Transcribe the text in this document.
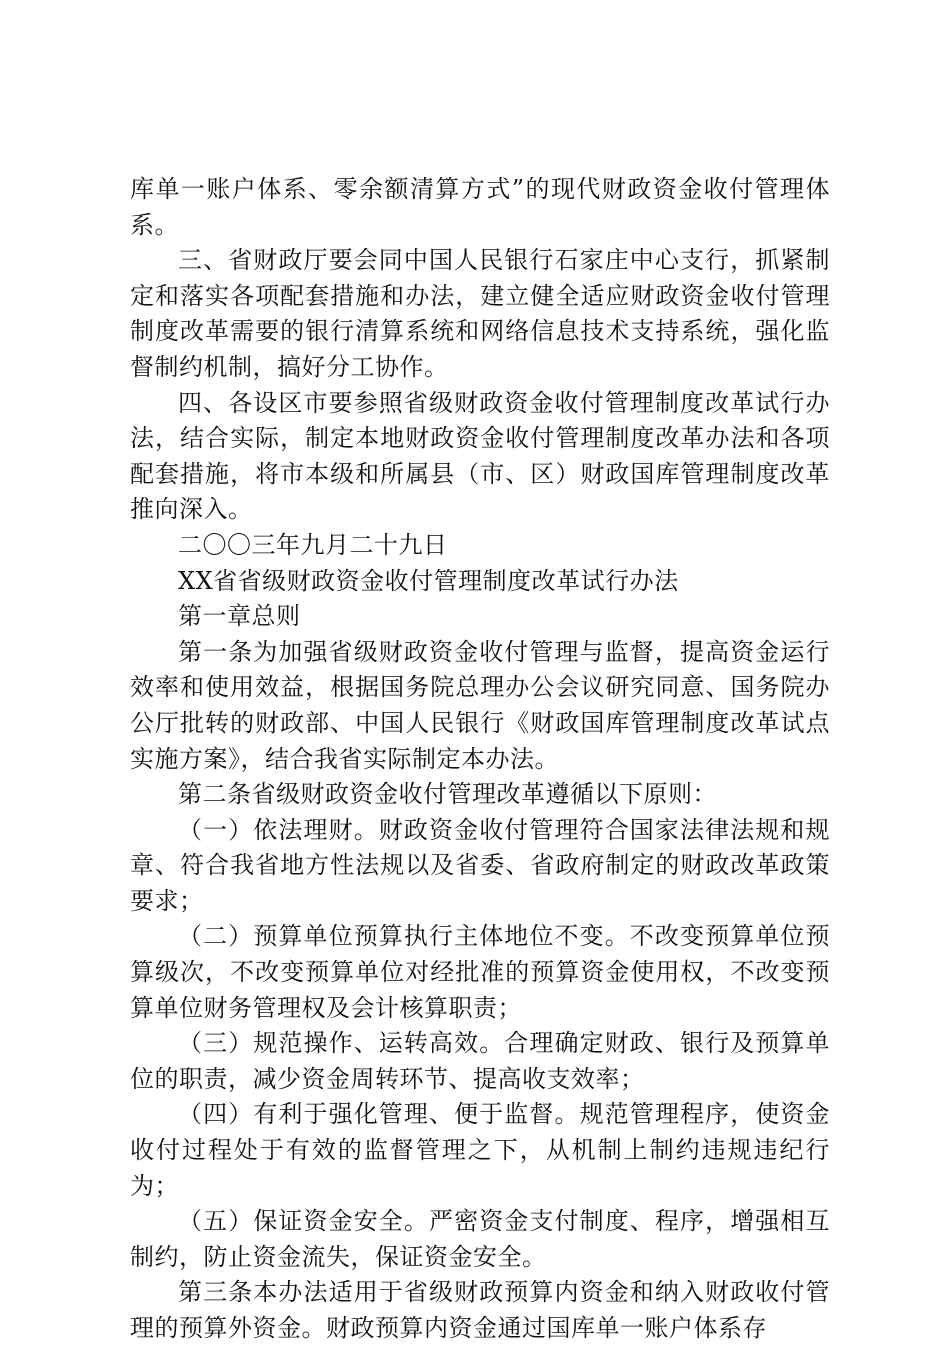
库单一账户体系、零余额清算方式”的现代财政资金收付管理体系。

三、省财政厅要会同中国人民银行石家庄中心支行，抓紧制定和落实各项配套措施和办法，建立健全适应财政资金收付管理制度改革需要的银行清算系统和网络信息技术支持系统，强化监督制约机制，搞好分工协作。

四、各设区市要参照省级财政资金收付管理制度改革试行办法，结合实际，制定本地财政资金收付管理制度改革办法和各项配套措施，将市本级和所属县（市、区）财政国库管理制度改革推向深入。

二〇〇三年九月二十九日

XX省省级财政资金收付管理制度改革试行办法

第一章总则

第一条为加强省级财政资金收付管理与监督，提高资金运行效率和使用效益，根据国务院总理办公会议研究同意、国务院办公厅批转的财政部、中国人民银行《财政国库管理制度改革试点实施方案》，结合我省实际制定本办法。

第二条省级财政资金收付管理改革遵循以下原则：

（一）依法理财。财政资金收付管理符合国家法律法规和规章、符合我省地方性法规以及省委、省政府制定的财政改革政策要求；

（二）预算单位预算执行主体地位不变。不改变预算单位预算级次，不改变预算单位对经批准的预算资金使用权，不改变预算单位财务管理权及会计核算职责；

（三）规范操作、运转高效。合理确定财政、银行及预算单位的职责，减少资金周转环节、提高收支效率；

（四）有利于强化管理、便于监督。规范管理程序，使资金收付过程处于有效的监督管理之下，从机制上制约违规违纪行为；

（五）保证资金安全。严密资金支付制度、程序，增强相互制约，防止资金流失，保证资金安全。

第三条本办法适用于省级财政预算内资金和纳入财政收付管理的预算外资金。财政预算内资金通过国库单一账户体系存
